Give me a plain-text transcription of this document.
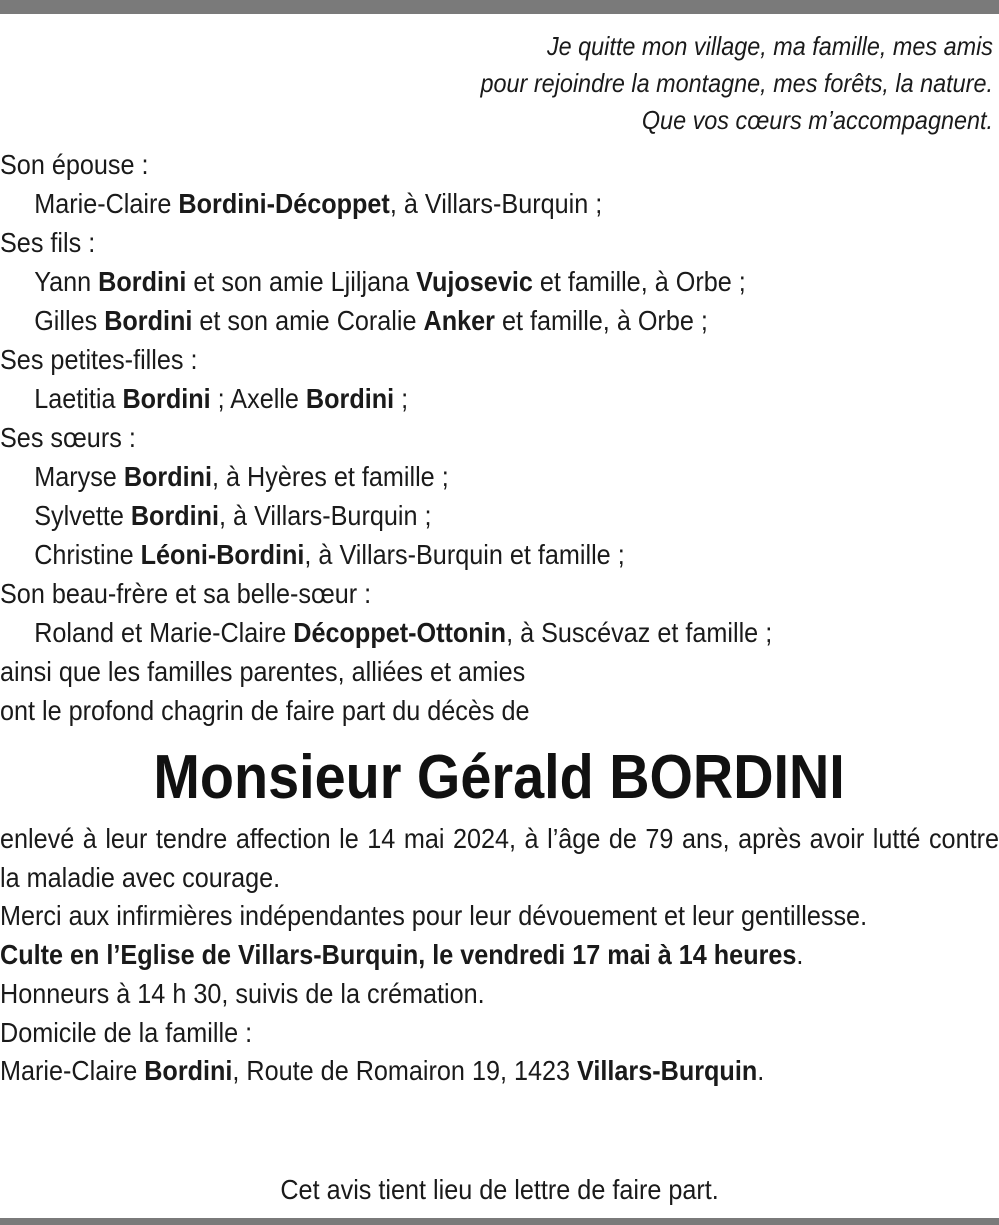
Je quitte mon village, ma famille, mes amis
pour rejoindre la montagne, mes forêts, la nature.
Que vos cœurs m’accompagnent.
Son épouse :
Marie-Claire Bordini-Décoppet, à Villars-Burquin ;
Ses fils :
Yann Bordini et son amie Ljiljana Vujosevic et famille, à Orbe ;
Gilles Bordini et son amie Coralie Anker et famille, à Orbe ;
Ses petites-filles :
Laetitia Bordini ; Axelle Bordini ;
Ses sœurs :
Maryse Bordini, à Hyères et famille ;
Sylvette Bordini, à Villars-Burquin ;
Christine Léoni-Bordini, à Villars-Burquin et famille ;
Son beau-frère et sa belle-sœur :
Roland et Marie-Claire Décoppet-Ottonin, à Suscévaz et famille ;
ainsi que les familles parentes, alliées et amies
ont le profond chagrin de faire part du décès de
Monsieur Gérald BORDINI
enlevé à leur tendre affection le 14 mai 2024, à l’âge de 79 ans, après avoir lutté contre la maladie avec courage.
Merci aux infirmières indépendantes pour leur dévouement et leur gentillesse.
Culte en l’Eglise de Villars-Burquin, le vendredi 17 mai à 14 heures.
Honneurs à 14 h 30, suivis de la crémation.
Domicile de la famille :
Marie-Claire Bordini, Route de Romairon 19, 1423 Villars-Burquin.
Cet avis tient lieu de lettre de faire part.
